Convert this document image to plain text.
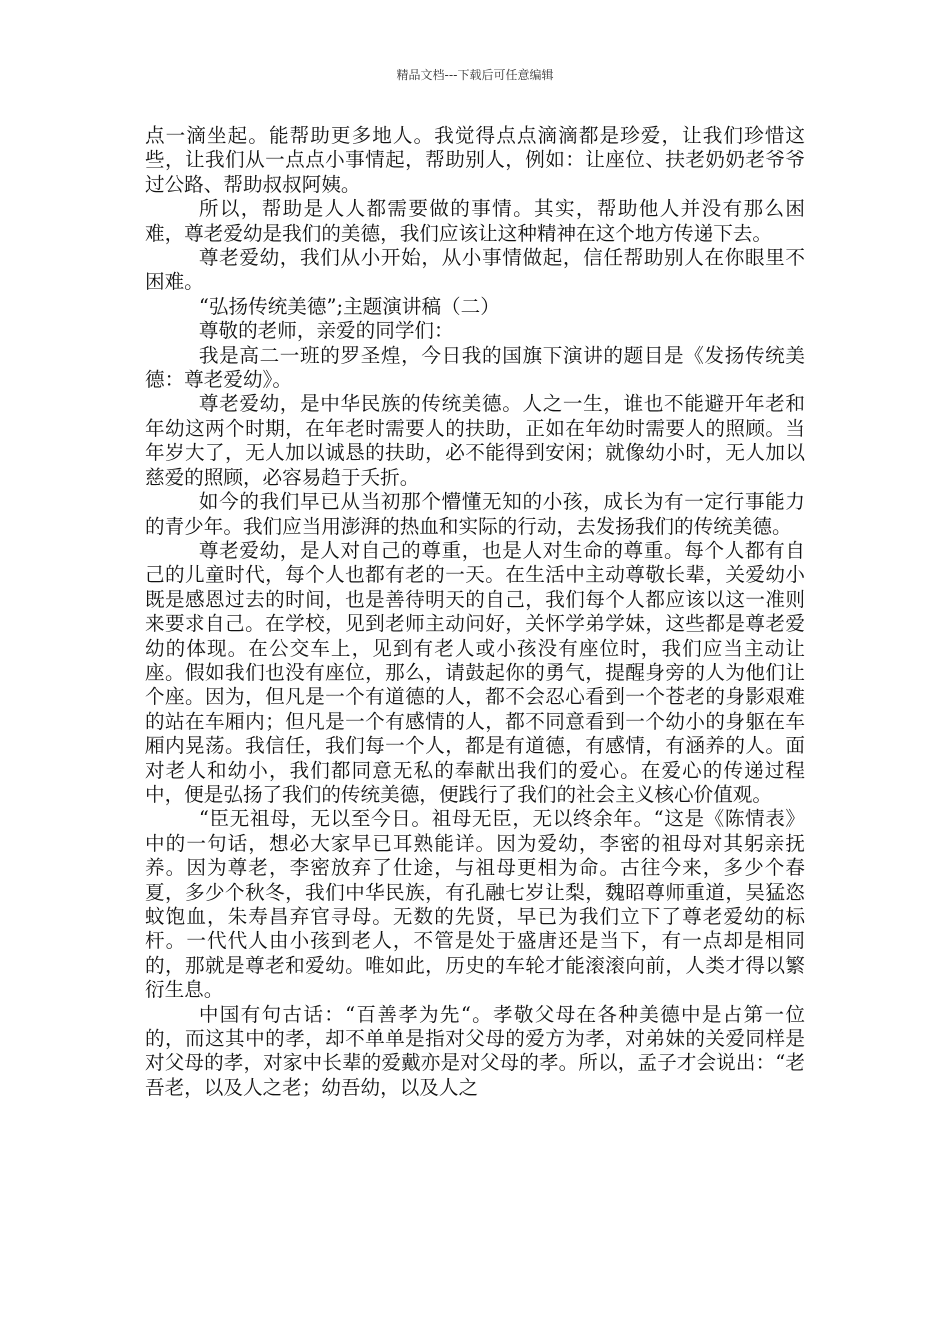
精品文档---下载后可任意编辑

点一滴坐起。能帮助更多地人。我觉得点点滴滴都是珍爱，让我们珍惜这些，让我们从一点点小事情起，帮助别人，例如：让座位、扶老奶奶老爷爷过公路、帮助叔叔阿姨。

所以，帮助是人人都需要做的事情。其实，帮助他人并没有那么困难，尊老爱幼是我们的美德，我们应该让这种精神在这个地方传递下去。

尊老爱幼，我们从小开始，从小事情做起，信任帮助别人在你眼里不困难。

“弘扬传统美德”;主题演讲稿（二）

尊敬的老师，亲爱的同学们：

我是高二一班的罗圣煌，今日我的国旗下演讲的题目是《发扬传统美德：尊老爱幼》。

尊老爱幼，是中华民族的传统美德。人之一生，谁也不能避开年老和年幼这两个时期，在年老时需要人的扶助，正如在年幼时需要人的照顾。当年岁大了，无人加以诚恳的扶助，必不能得到安闲；就像幼小时，无人加以慈爱的照顾，必容易趋于夭折。

如今的我们早已从当初那个懵懂无知的小孩，成长为有一定行事能力的青少年。我们应当用澎湃的热血和实际的行动，去发扬我们的传统美德。

尊老爱幼，是人对自己的尊重，也是人对生命的尊重。每个人都有自己的儿童时代，每个人也都有老的一天。在生活中主动尊敬长辈，关爱幼小既是感恩过去的时间，也是善待明天的自己，我们每个人都应该以这一准则来要求自己。在学校，见到老师主动问好，关怀学弟学妹，这些都是尊老爱幼的体现。在公交车上，见到有老人或小孩没有座位时，我们应当主动让座。假如我们也没有座位，那么，请鼓起你的勇气，提醒身旁的人为他们让个座。因为，但凡是一个有道德的人，都不会忍心看到一个苍老的身影艰难的站在车厢内；但凡是一个有感情的人，都不同意看到一个幼小的身躯在车厢内晃荡。我信任，我们每一个人，都是有道德，有感情，有涵养的人。面对老人和幼小，我们都同意无私的奉献出我们的爱心。在爱心的传递过程中，便是弘扬了我们的传统美德，便践行了我们的社会主义核心价值观。

“臣无祖母，无以至今日。祖母无臣，无以终余年。“这是《陈情表》中的一句话，想必大家早已耳熟能详。因为爱幼，李密的祖母对其躬亲抚养。因为尊老，李密放弃了仕途，与祖母更相为命。古往今来，多少个春夏，多少个秋冬，我们中华民族，有孔融七岁让梨，魏昭尊师重道，吴猛恣蚊饱血，朱寿昌弃官寻母。无数的先贤，早已为我们立下了尊老爱幼的标杆。一代代人由小孩到老人，不管是处于盛唐还是当下，有一点却是相同的，那就是尊老和爱幼。唯如此，历史的车轮才能滚滚向前，人类才得以繁衍生息。

中国有句古话：“百善孝为先“。孝敬父母在各种美德中是占第一位的，而这其中的孝，却不单单是指对父母的爱方为孝，对弟妹的关爱同样是对父母的孝，对家中长辈的爱戴亦是对父母的孝。所以，孟子才会说出：“老吾老，以及人之老；幼吾幼，以及人之
